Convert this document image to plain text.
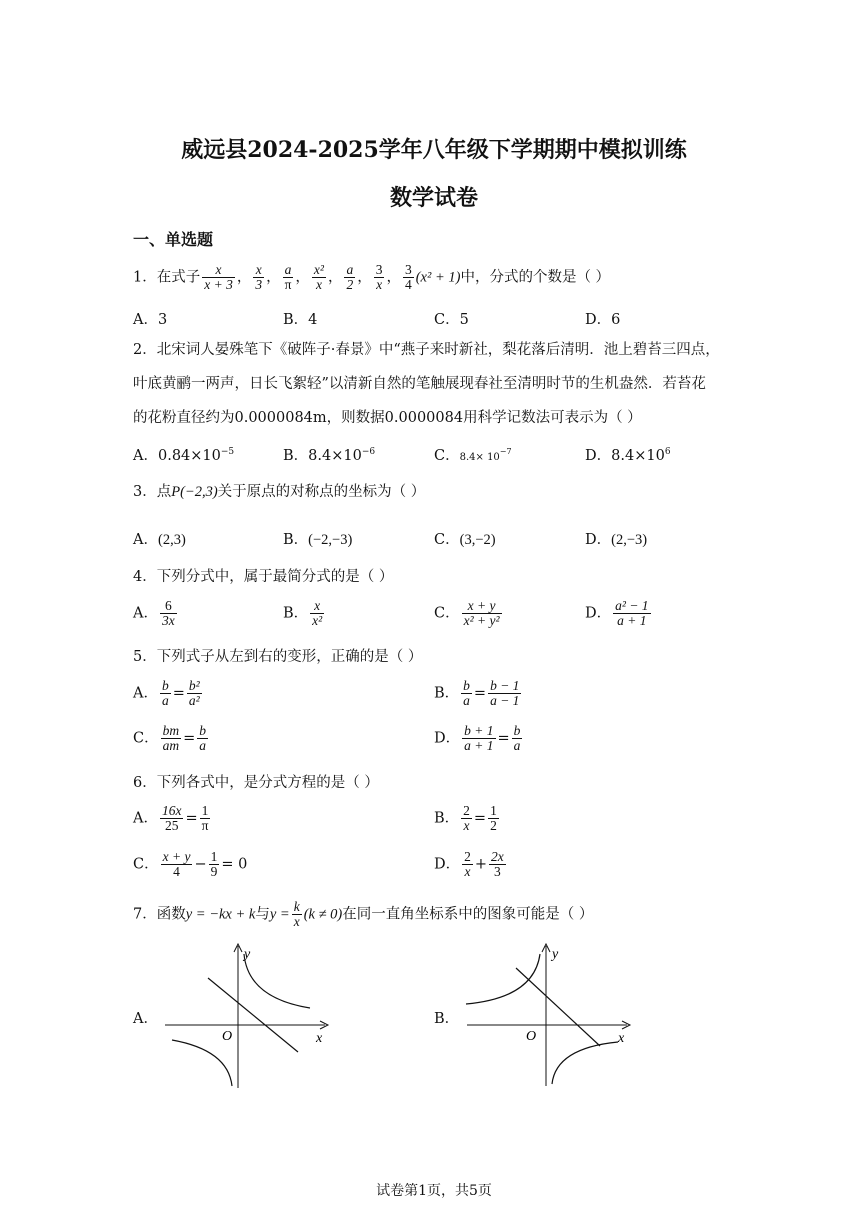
威远县2024-2025学年八年级下学期期中模拟训练
数学试卷
一、单选题
1．在式子 $\frac{x}{x + 3}$ ， $\frac{x}{3}$ ， $\frac{a}{\pi}$ ， $\frac{\text{x²}}{x}$ ， $\frac{a}{2}$ ， $\frac{3}{x}$ ， $\frac{3}{4} (x^2 + 1)$中，分式的个数是（ ）
A．3	B．4	C．5	D．6
2．北宋词人晏殊笔下《破阵子·春景》中“燕子来时新社，梨花落后清明．池上碧苔三四点，
叶底黄鹂一两声，日长飞絮轻”以清新自然的笔触展现春社至清明时节的生机盎然．若苔花
的花粉直径约为0.0000084m，则数据0.0000084用科学记数法可表示为（ ）
A．$0.84\times 10^{-5}$	B．$8.4\times 10^{-6}$	C．$8.4\times 10^{-7}$	D．$8.4\times 10^6$
3．点P(−2,3)关于原点的对称点的坐标为（ ）
A．(2,3)	B．(−2,−3)	C．(3,−2)	D．(2,−3)
4．下列分式中，属于最简分式的是（ ）
A． $\frac{6}{3x}$	B． $\frac{x}{\text{x²}}$	C． $\frac{x + y}{\text{x² + y²}}$	D． $\frac{\text{a² − 1}}{a + 1}$
5．下列式子从左到右的变形，正确的是（ ）
A． $\frac{b}{a} = \frac{\text{b²}}{\text{a²}}$	B． $\frac{b}{a} = \frac{b - 1}{a - 1}$
C． $\frac{bm}{am} = \frac{b}{a}$	D． $\frac{b + 1}{a + 1} = \frac{b}{a}$
6．下列各式中，是分式方程的是（ ）
A． $\frac{16x}{25} = \frac{1}{\pi}$	B． $\frac{2}{x} = \frac{1}{2}$
C． $\frac{x + y}{4} - \frac{1}{9} = 0$	D． $\frac{2}{x} + \frac{2x}{3}$
7．函数y = −kx + k与$y = \frac{k}{x} (k \ne 0)$在同一直角坐标系中的图象可能是（ ）
A．
y
x
O
B．
y
x
O
试卷第1页，共5页
